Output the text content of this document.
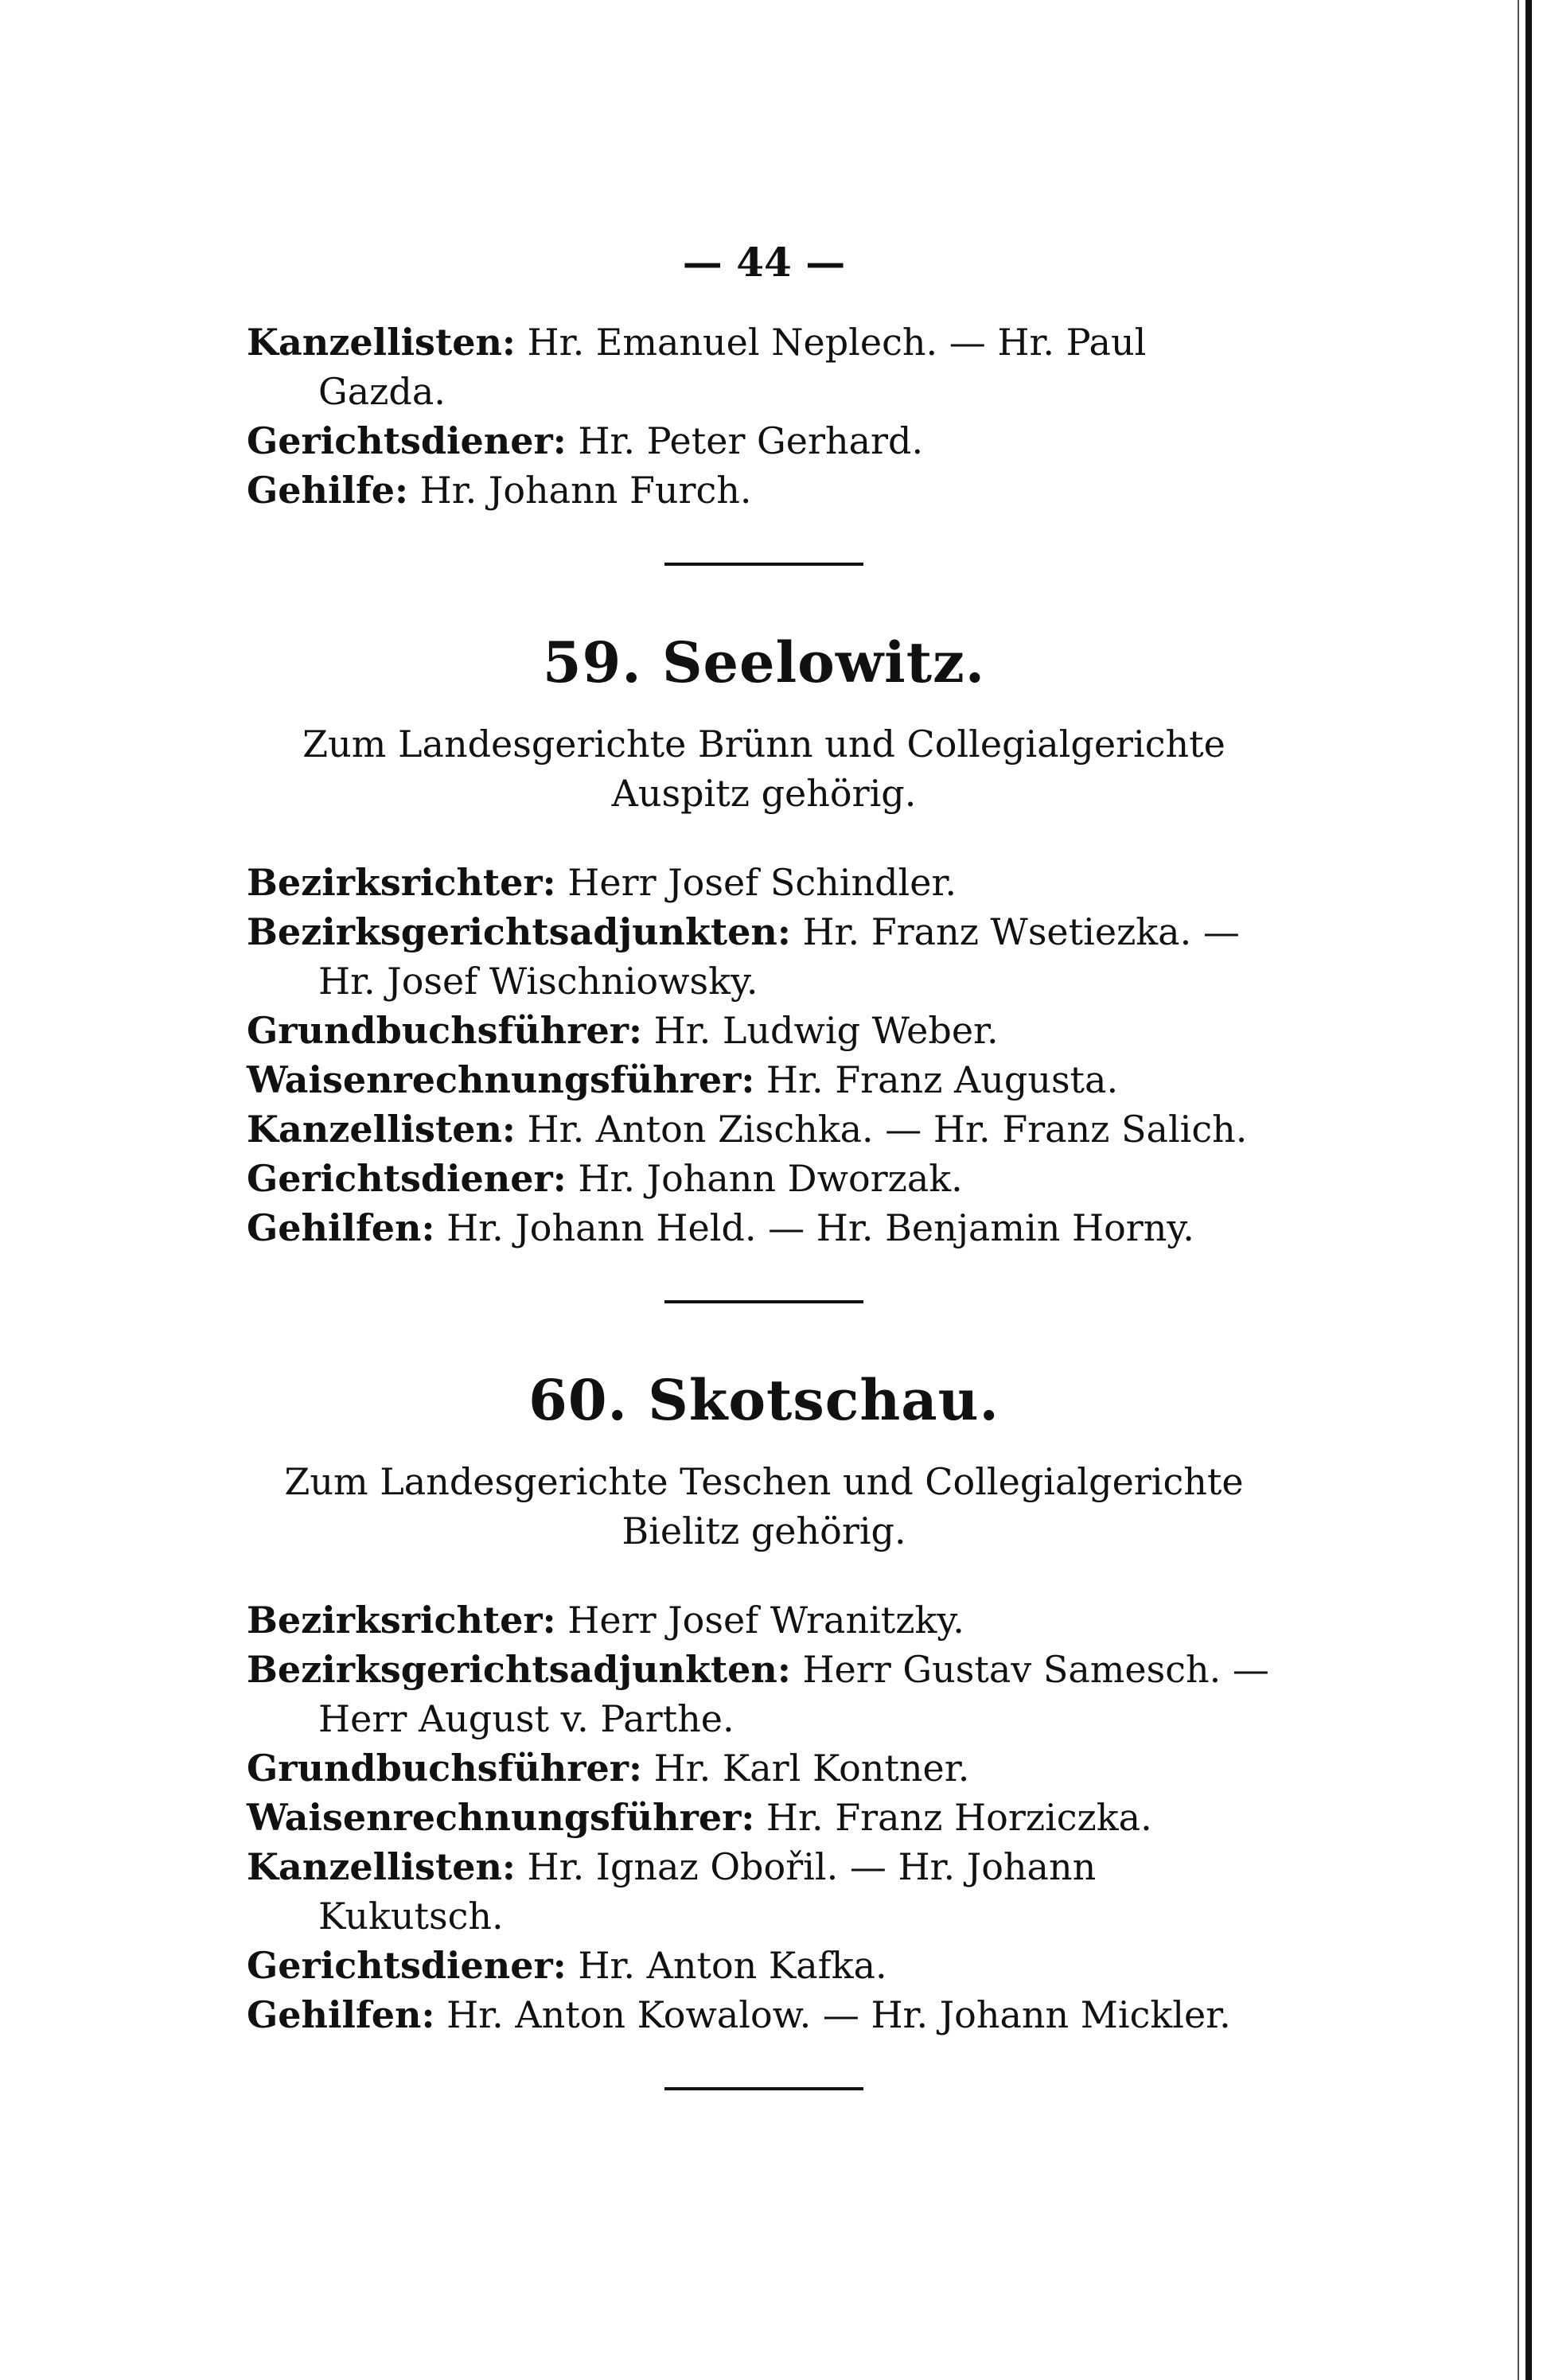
— 44 —

Kanzellisten: Hr. Emanuel Neplech. — Hr. Paul Gazda.

Gerichtsdiener: Hr. Peter Gerhard.

Gehilfe: Hr. Johann Furch.

59. Seelowitz.

Zum Landesgerichte Brünn und Collegialgerichte Auspitz gehörig.

Bezirksrichter: Herr Josef Schindler.

Bezirksgerichtsadjunkten: Hr. Franz Wsetiezka. — Hr. Josef Wischniowsky.

Grundbuchsführer: Hr. Ludwig Weber.

Waisenrechnungsführer: Hr. Franz Augusta.

Kanzellisten: Hr. Anton Zischka. — Hr. Franz Salich.

Gerichtsdiener: Hr. Johann Dworzak.

Gehilfen: Hr. Johann Held. — Hr. Benjamin Horny.

60. Skotschau.

Zum Landesgerichte Teschen und Collegialgerichte Bielitz gehörig.

Bezirksrichter: Herr Josef Wranitzky.

Bezirksgerichtsadjunkten: Herr Gustav Samesch. — Herr August v. Parthe.

Grundbuchsführer: Hr. Karl Kontner.

Waisenrechnungsführer: Hr. Franz Horziczka.

Kanzellisten: Hr. Ignaz Obořil. — Hr. Johann Kukutsch.

Gerichtsdiener: Hr. Anton Kafka.

Gehilfen: Hr. Anton Kowalow. — Hr. Johann Mickler.
